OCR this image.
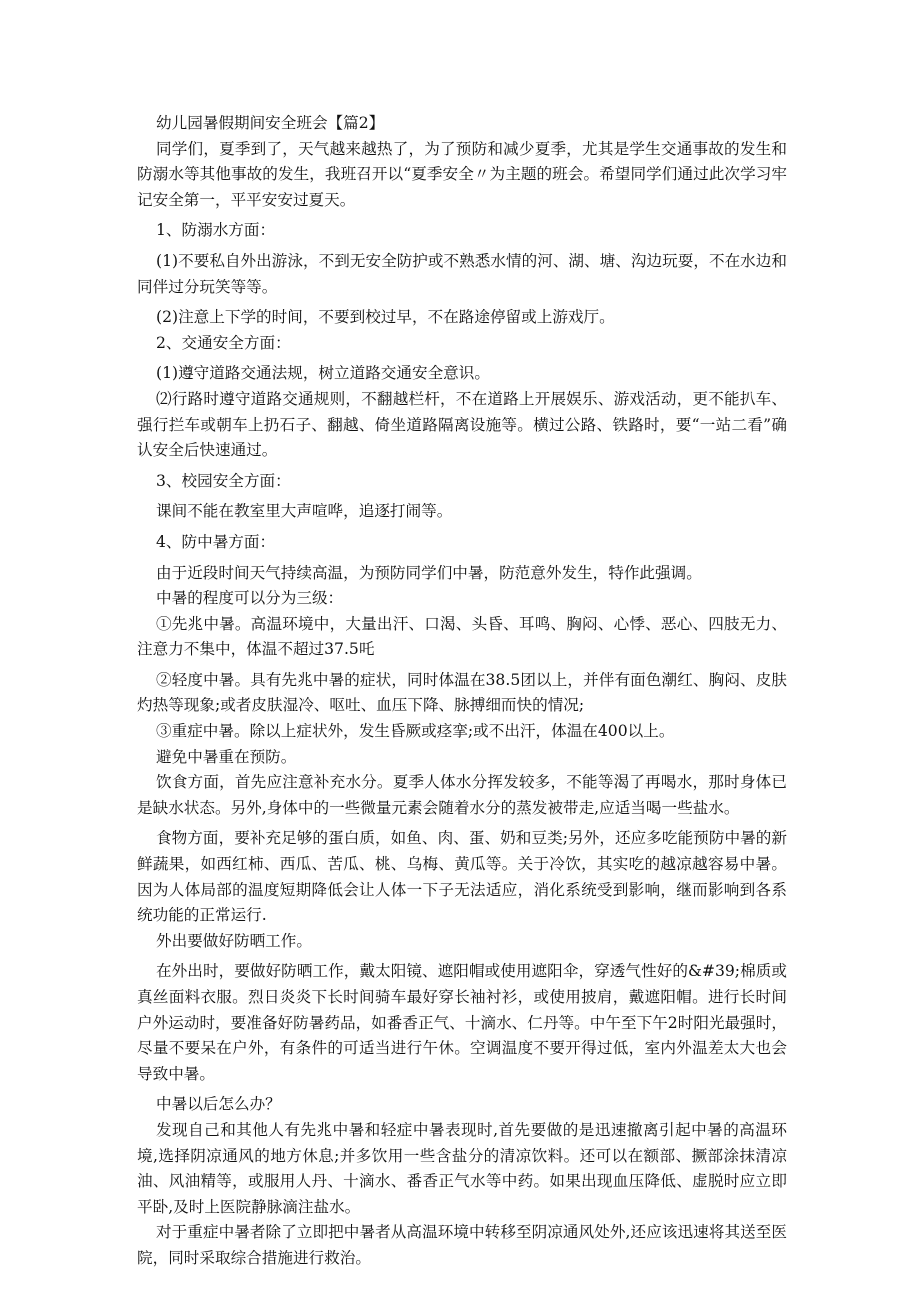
幼儿园暑假期间安全班会【篇2】

同学们，夏季到了，天气越来越热了，为了预防和减少夏季，尤其是学生交通事故的发生和防溺水等其他事故的发生，我班召开以“夏季安全〃为主题的班会。希望同学们通过此次学习牢记安全第一，平平安安过夏天。

1、防溺水方面：

(1)不要私自外出游泳，不到无安全防护或不熟悉水情的河、湖、塘、沟边玩耍，不在水边和同伴过分玩笑等等。

(2)注意上下学的时间，不要到校过早，不在路途停留或上游戏厅。

2、交通安全方面：

(1)遵守道路交通法规，树立道路交通安全意识。

⑵行路时遵守道路交通规则，不翻越栏杆，不在道路上开展娱乐、游戏活动，更不能扒车、强行拦车或朝车上扔石子、翻越、倚坐道路隔离设施等。横过公路、铁路时，要“一站二看”确认安全后快速通过。

3、校园安全方面：

课间不能在教室里大声喧哗，追逐打闹等。

4、防中暑方面：

由于近段时间天气持续高温，为预防同学们中暑，防范意外发生，特作此强调。

中暑的程度可以分为三级：

①先兆中暑。高温环境中，大量出汗、口渴、头昏、耳鸣、胸闷、心悸、恶心、四肢无力、注意力不集中，体温不超过37.5吒

②轻度中暑。具有先兆中暑的症状，同时体温在38.5团以上，并伴有面色潮红、胸闷、皮肤灼热等现象;或者皮肤湿冷、呕吐、血压下降、脉搏细而快的情况;

③重症中暑。除以上症状外，发生昏厥或痉挛;或不出汗，体温在400以上。

避免中暑重在预防。

饮食方面，首先应注意补充水分。夏季人体水分挥发较多，不能等渴了再喝水，那时身体已是缺水状态。另外,身体中的一些微量元素会随着水分的蒸发被带走,应适当喝一些盐水。

食物方面，要补充足够的蛋白质，如鱼、肉、蛋、奶和豆类;另外，还应多吃能预防中暑的新鲜蔬果，如西红柿、西瓜、苦瓜、桃、乌梅、黄瓜等。关于冷饮，其实吃的越凉越容易中暑。因为人体局部的温度短期降低会让人体一下子无法适应，消化系统受到影响，继而影响到各系统功能的正常运行.

外出要做好防晒工作。

在外出时，要做好防晒工作，戴太阳镜、遮阳帽或使用遮阳伞，穿透气性好的&#39;棉质或真丝面料衣服。烈日炎炎下长时间骑车最好穿长袖衬衫，或使用披肩，戴遮阳帽。进行长时间户外运动时，要准备好防暑药品，如番香正气、十滴水、仁丹等。中午至下午2时阳光最强时，尽量不要呆在户外，有条件的可适当进行午休。空调温度不要开得过低，室内外温差太大也会导致中暑。

中暑以后怎么办？

发现自己和其他人有先兆中暑和轻症中暑表现时,首先要做的是迅速撤离引起中暑的高温环境,选择阴凉通风的地方休息;并多饮用一些含盐分的清凉饮料。还可以在额部、撅部涂抹清凉油、风油精等，或服用人丹、十滴水、番香正气水等中药。如果出现血压降低、虚脱时应立即平卧,及时上医院静脉滴注盐水。

对于重症中暑者除了立即把中暑者从高温环境中转移至阴凉通风处外,还应该迅速将其送至医院，同时采取综合措施进行救治。
